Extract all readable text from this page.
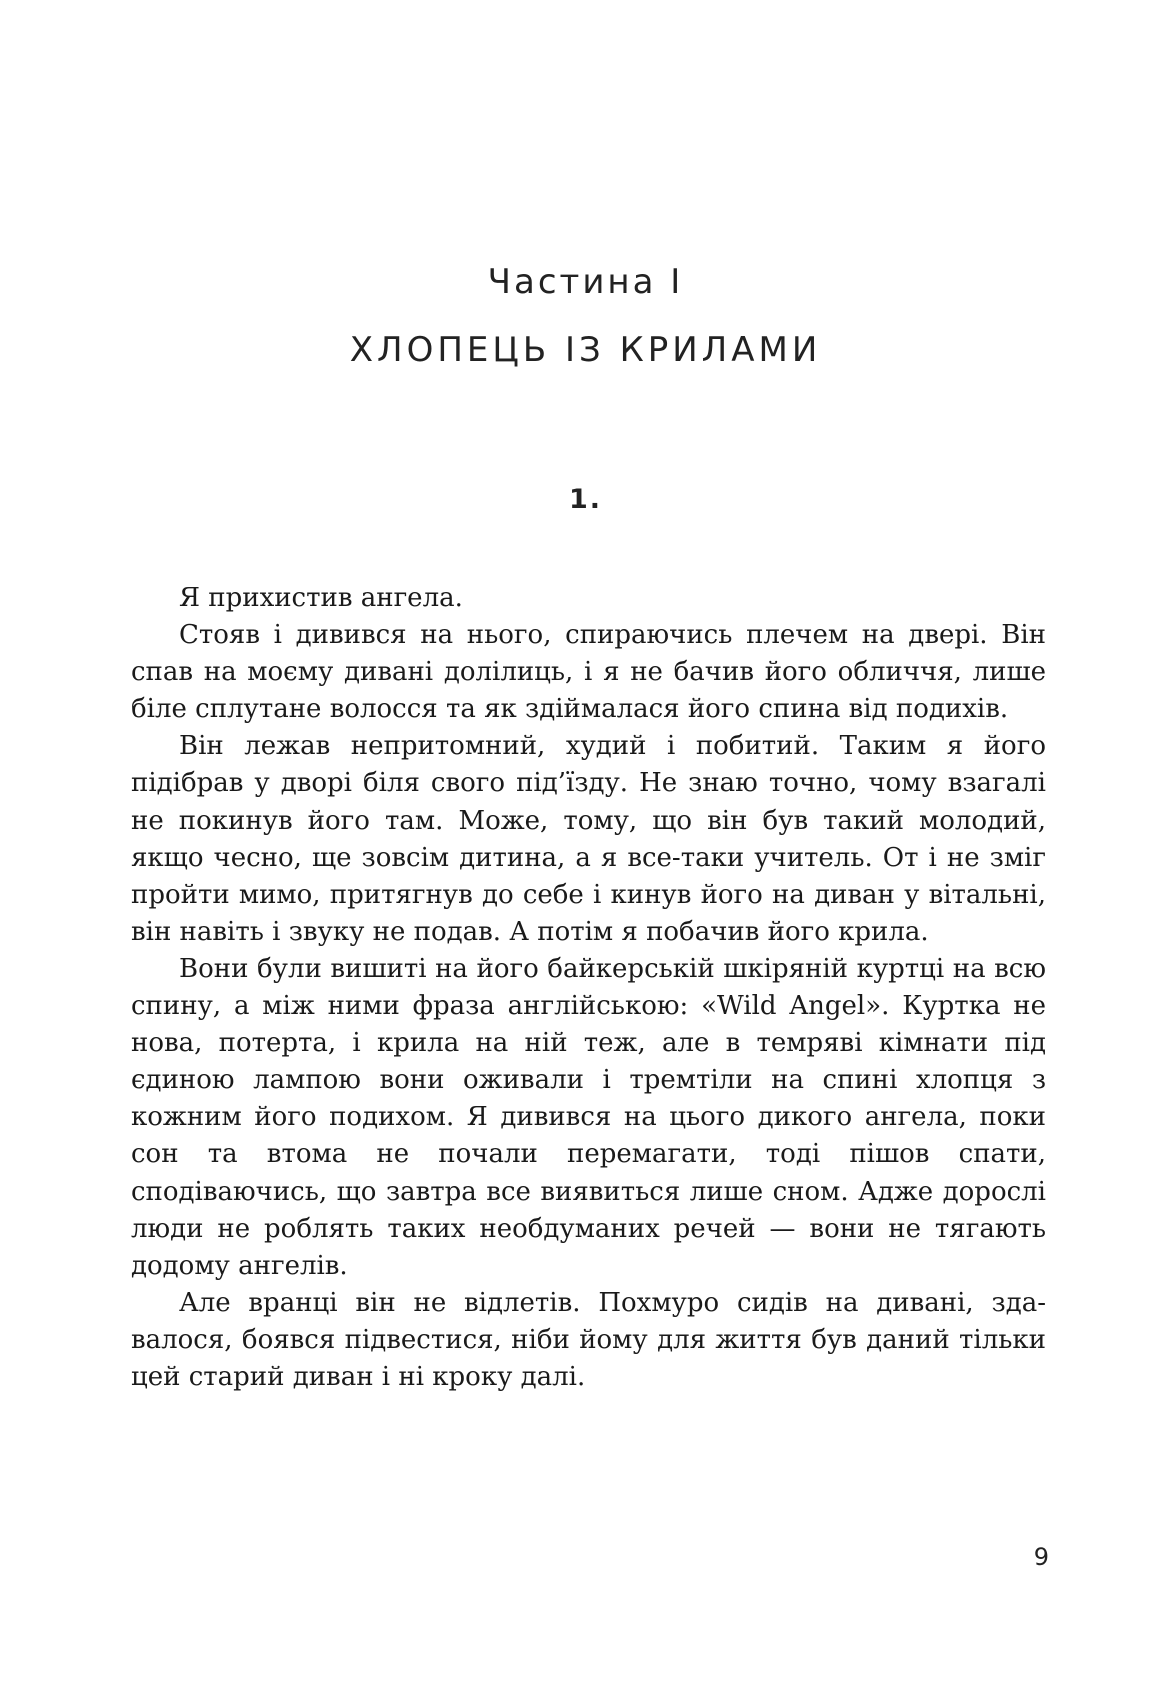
Частина І
ХЛОПЕЦЬ ІЗ КРИЛАМИ
1.

Я прихистив ангела.

Стояв і дивився на нього, спираючись плечем на двері. Він спав на моєму дивані долілиць, і я не бачив його обличчя, лише біле сплутане волосся та як здіймалася його спина від подихів.

Він лежав непритомний, худий і побитий. Таким я його підібрав у дворі біля свого під’їзду. Не знаю точно, чому взагалі не покинув його там. Може, тому, що він був такий молодий, якщо чесно, ще зовсім дитина, а я все-таки учитель. От і не зміг пройти мимо, притягнув до себе і кинув його на диван у вітальні, він навіть і звуку не подав. А потім я побачив його крила.

Вони були вишиті на його байкерській шкіряній куртці на всю спину, а між ними фраза англійською: «Wild Angel». Куртка не нова, потерта, і крила на ній теж, але в темряві кімнати під єдиною лампою вони оживали і тремтіли на спині хлопця з кожним його подихом. Я дивився на цього дикого ангела, поки сон та втома не почали перемагати, тоді пішов спати, сподіваючись, що завтра все виявиться лише сном. Адже дорослі люди не роблять таких необдуманих речей — вони не тягають додому ангелів.

Але вранці він не відлетів. Похмуро сидів на дивані, здавалося, боявся підвестися, ніби йому для життя був даний тільки цей старий диван і ні кроку далі.

9
